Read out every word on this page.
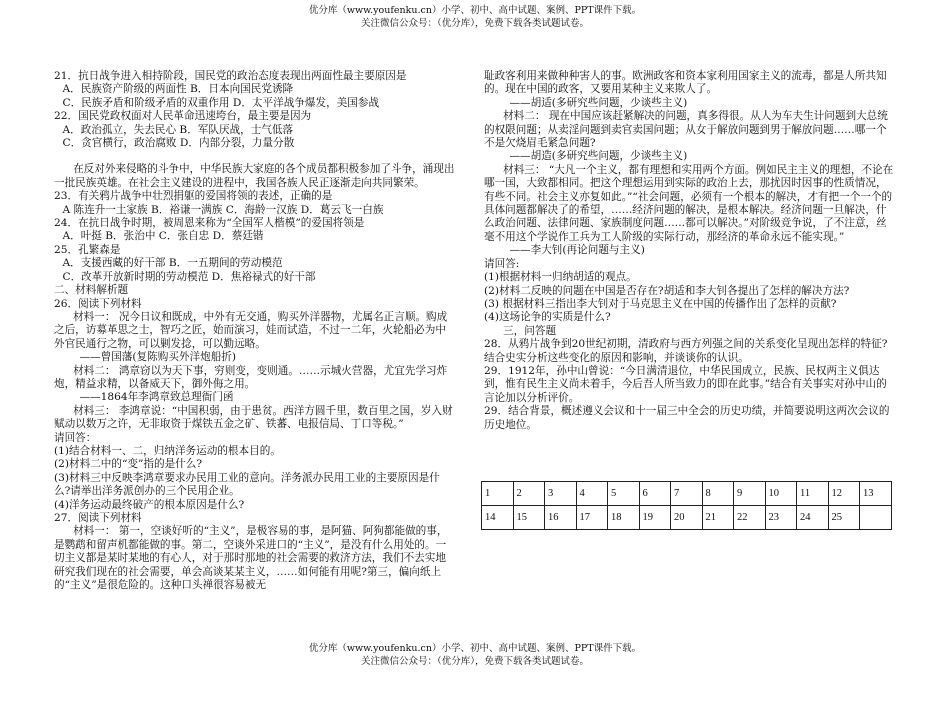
优分库（www.youfenku.cn）小学、初中、高中试题、案例、PPT课件下载。

关注微信公众号：（优分库），免费下载各类试题试卷。

21．抗日战争进入相持阶段，国民党的政治态度表现出两面性最主要原因是

A．民族资产阶级的两面性 B．日本向国民党诱降

C．民族矛盾和阶级矛盾的双重作用 D．太平洋战争爆发，美国参战

22．国民党政权面对人民革命迅速垮台，最主要是因为

A．政治孤立，失去民心 B．军队厌战，士气低落

C．贪官横行，政治腐败 D．内部分裂，力量分散

在反对外来侵略的斗争中，中华民族大家庭的各个成员都积极参加了斗争，涌现出一批民族英雄。在社会主义建设的进程中，我国各族人民正逐渐走向共同繁荣。

23．有关鸦片战争中壮烈捐躯的爱国将领的表述，正确的是

A 陈连升一土家族 B．裕谦一满族 C．海龄一汉族 D．葛云飞一白族

24．在抗日战争时期，被周恩来称为“全国军人楷模”的爱国将领是

A．叶挺 B．张治中 C．张自忠 D．蔡廷锴

25．孔繁森是

A．支援西藏的好干部 B．一五期间的劳动模范

C．改革开放新时期的劳动模范 D．焦裕禄式的好干部

二、材料解析题

26．阅读下列材料

材料一： 况今日议和既成，中外有无交通，购买外洋器物，尤属名正言顺。购成之后，访募革思之士，智巧之匠，始而演习，娃而试造，不过一二年，火轮船必为中外官民通行之物，可以剿发捻，可以勤远略。

——曾国藩(复陈购买外洋炮船折)

材料二： 鸿章窃以为天下事，穷则变，变则通。……示城火营器，尤宜先学习炸炮，精益求精，以备威天下，御外侮之用。

——1864年李鸿章致总理衙门函

材料三： 李鸿章说：“中国积弱，由于患贫。西洋方圆千里，数百里之国，岁入财赋动以数万之许，无非取资于煤铁五金之矿、铁蕃、电报信局、丁口等税。”

请回答：

(1)结合材料一、二，归纳洋务运动的根本目的。

(2)材料二中的“变”指的是什么?

(3)材料三中反映李鸿章要求办民用工业的意向。洋务派办民用工业的主要原因是什么?请举出洋务派创办的三个民用企业。

(4)洋务运动最终破产的根本原因是什么?

27．阅读下列材料

材料一： 第一，空谈好听的“主义”，是极容易的事，是阿猫、阿狗都能做的事，是鹦鹉和留声机都能做的事。第二，空谈外采进口的“主义”，是没有什么用处的。一切主义都是某时某地的有心人，对于那时那地的社会需要的救济方法，我们不去实地研究我们现在的社会需要，单会高谈某某主义，……如何能有用呢?第三，偏向纸上的“主义”是很危险的。这种口头禅很容易被无

耻政客利用来做种种害人的事。欧洲政客和资本家利用国家主义的流毒，都是人所共知的。现在中国的政客，又要用某种主义来欺人了。

——胡适(多研究些问题，少谈些主义)

材料二： 现在中国应该赶紧解决的问题，真多得很。从人为车夫生计问题到大总统的权限问题；从卖淫问题到卖官卖国问题；从女于解放问题到男于解放问题……哪一个不是欠烧眉毛紧急问题?

——胡造(多研究些问题，少谈些主义)

材料三： “大凡一个主义，都有理想和实用两个方面。例如民主主义的理想，不论在哪一国，大致都相同。把这个理想运用到实际的政治上去，那扰因时因事的性质情况，有些不同。社会主义亦复如此。”“社会问题，必须有一个根本的解决，才有把一个一个的具体问题都解决了的希望，……经济问题的解决，是根本解决。经济问题一旦解决，什么政治问题、法律问题、家族制度问题……都可以解决。”对阶级竞争说，了不注意，丝毫不用这个学说作工兵为工人阶级的实际行动，那经济的革命永远不能实现。”

——李大钊(再论问题与主义)

请回答:

(1)根据材料一归纳胡适的观点。

(2)材料二反映的问题在中国是否存在?胡适和李大钊各提出了怎样的解决方法?

(3) 根据材料三指出李大钊对于马克思主义在中国的传播作出了怎样的贡献?

(4)这场论争的实质是什么?

三，问答题

28．从鸦片战争到20世纪初期，清政府与西方列强之间的关系变化呈现出怎样的特征?结合史实分析这些变化的原因和影响，并谈谈你的认识。

29．1912年，孙中山曾说：“今日满清退位，中华民国成立，民族、民权两主义俱达到，惟有民生主义尚未着手，今后吾人所当致力的即在此事。”结合有关事实对孙中山的言论加以分析评价。

29．结合背景，概述遵义会议和十一届三中全会的历史功绩，并简要说明这两次会议的历史地位。

1	2	3	4	5	6	7	8	9	10	11	12	13
14	15	16	17	18	19	20	21	22	23	24	25	

优分库（www.youfenku.cn）小学、初中、高中试题、案例、PPT课件下载。

关注微信公众号：（优分库），免费下载各类试题试卷。
